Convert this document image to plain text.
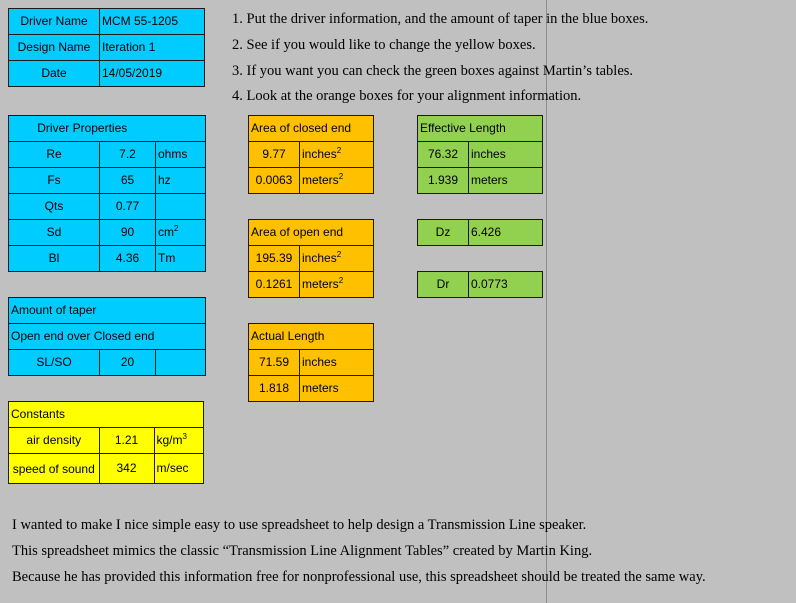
Driver Name	MCM 55-1205
Design Name	Iteration 1
Date	14/05/2019
1. Put the driver information, and the amount of taper in the blue boxes.
2. See if you would like to change the yellow boxes.
3. If you want you can check the green boxes against Martin’s tables.
4. Look at the orange boxes for your alignment information.
Driver Properties		
Re	7.2	ohms
Fs	65	hz
Qts	0.77	
Sd	90	$cm^2$
Bl	4.36	Tm
Amount of taper
Open end over Closed end
SL/SO	20	
Constants		
air density	1.21	$kg/m^3$
speed of sound	342	m/sec
Area of closed end	
9.77	inches$^2$
0.0063	meters$^2$
Area of open end	
195.39	inches$^2$
0.1261	meters$^2$
Actual Length	
71.59	inches
1.818	meters
Effective Length	
76.32	inches
1.939	meters
Dz	6.426
Dr	0.0773
I wanted to make I nice simple easy to use spreadsheet to help design a Transmission Line speaker.
This spreadsheet mimics the classic “Transmission Line Alignment Tables” created by Martin King.
Because he has provided this information free for nonprofessional use, this spreadsheet should be treated the same way.
